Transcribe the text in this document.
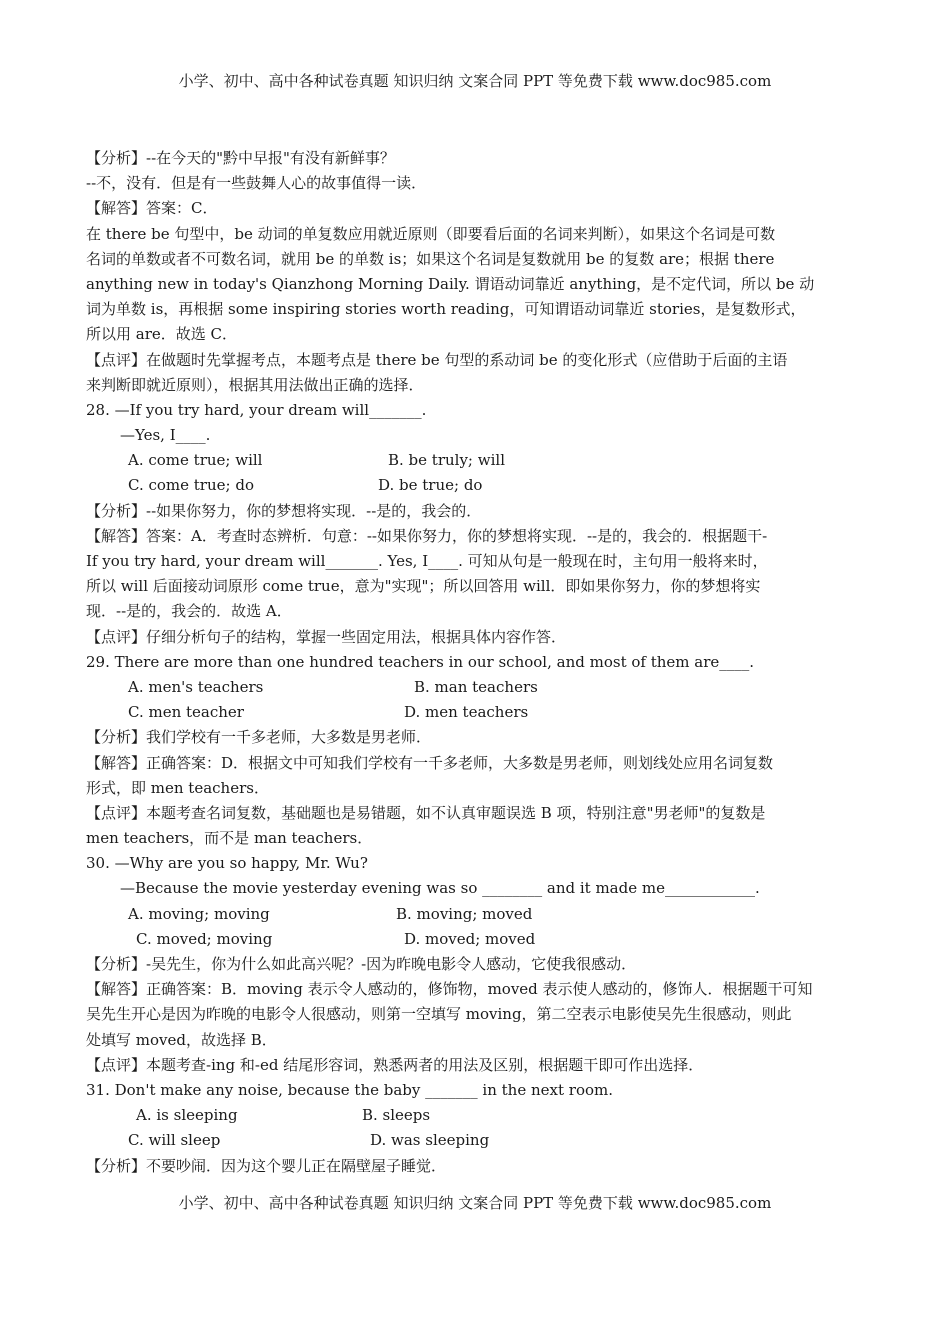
小学、初中、高中各种试卷真题 知识归纳 文案合同 PPT 等免费下载 www.doc985.com
【分析】--在今天的"黔中早报"有没有新鲜事？
--不，没有．但是有一些鼓舞人心的故事值得一读．
【解答】答案：C．
在 there be 句型中，be 动词的单复数应用就近原则（即要看后面的名词来判断），如果这个名词是可数
名词的单数或者不可数名词，就用 be 的单数 is；如果这个名词是复数就用 be 的复数 are；根据 there
anything new in today's Qianzhong Morning Daily. 谓语动词靠近 anything，是不定代词，所以 be 动
词为单数 is，再根据 some inspiring stories worth reading，可知谓语动词靠近 stories，是复数形式，
所以用 are．故选 C．
【点评】在做题时先掌握考点，本题考点是 there be 句型的系动词 be 的变化形式（应借助于后面的主语
来判断即就近原则），根据其用法做出正确的选择．
28. —If you try hard, your dream will_______.
—Yes, I____.

A. come true; will

	B. be truly; will

C. come true; do

	D. be true; do

【分析】--如果你努力，你的梦想将实现．--是的，我会的．
【解答】答案：A．考查时态辨析．句意：--如果你努力，你的梦想将实现．--是的，我会的．根据题干-
If you try hard, your dream will_______. Yes, I____. 可知从句是一般现在时，主句用一般将来时，
所以 will 后面接动词原形 come true，意为"实现"；所以回答用 will．即如果你努力，你的梦想将实
现．--是的，我会的．故选 A．
【点评】仔细分析句子的结构，掌握一些固定用法，根据具体内容作答．
29. There are more than one hundred teachers in our school, and most of them are____.

A. men's teachers

	B. man teachers

C. men teacher

	D. men teachers

【分析】我们学校有一千多老师，大多数是男老师．
【解答】正确答案：D．根据文中可知我们学校有一千多老师，大多数是男老师，则划线处应用名词复数
形式，即 men teachers．
【点评】本题考查名词复数，基础题也是易错题，如不认真审题误选 B 项，特别注意"男老师"的复数是
men teachers，而不是 man teachers．
30. —Why are you so happy, Mr. Wu?
—Because the movie yesterday evening was so ________ and it made me____________.

A. moving; moving

	B. moving; moved

C. moved; moving

	D. moved; moved

【分析】-吴先生，你为什么如此高兴呢？-因为昨晚电影令人感动，它使我很感动．
【解答】正确答案：B．moving 表示令人感动的，修饰物，moved 表示使人感动的，修饰人．根据题干可知
吴先生开心是因为昨晚的电影令人很感动，则第一空填写 moving，第二空表示电影使吴先生很感动，则此
处填写 moved，故选择 B．
【点评】本题考查-ing 和-ed 结尾形容词，熟悉两者的用法及区别，根据题干即可作出选择．
31. Don't make any noise, because the baby _______ in the next room.

A. is sleeping

	B. sleeps

C. will sleep

	D. was sleeping

【分析】不要吵闹．因为这个婴儿正在隔壁屋子睡觉．
小学、初中、高中各种试卷真题 知识归纳 文案合同 PPT 等免费下载 www.doc985.com
